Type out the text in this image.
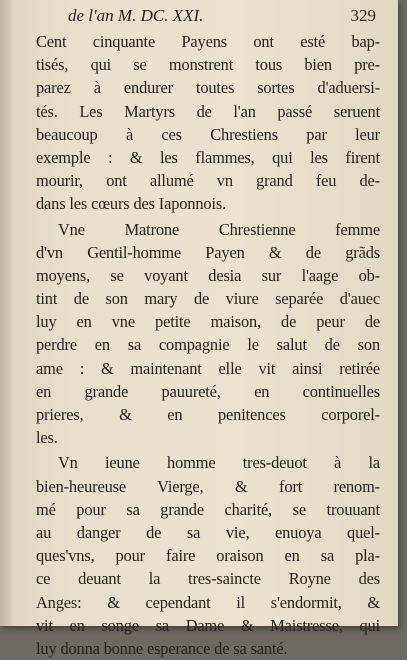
de l'an M. DC. XXI.	329
Cent cinquante Payens ont esté bap-
tisés, qui se monstrent tous bien pre-
parez à endurer toutes sortes d'aduersi-
tés. Les Martyrs de l'an passé seruent
beaucoup à ces Chrestiens par leur
exemple : & les flammes, qui les firent
mourir, ont allumé vn grand feu de-
dans les cœurs des Iaponnois.
Vne Matrone Chrestienne femme
d'vn Gentil-homme Payen & de grãds
moyens, se voyant desia sur l'aage ob-
tint de son mary de viure separée d'auec
luy en vne petite maison, de peur de
perdre en sa compagnie le salut de son
ame : & maintenant elle vit ainsi retirée
en grande pauureté, en continuelles
prieres, & en penitences corporel-
les.
Vn ieune homme tres-deuot à la
bien-heureuse Vierge, & fort renom-
mé pour sa grande charité, se trouuant
au danger de sa vie, enuoya quel-
ques'vns, pour faire oraison en sa pla-
ce deuant la tres-saincte Royne des
Anges: & cependant il s'endormit, &
vit en songe sa Dame & Maistresse, qui
luy donna bonne esperance de sa santé.
